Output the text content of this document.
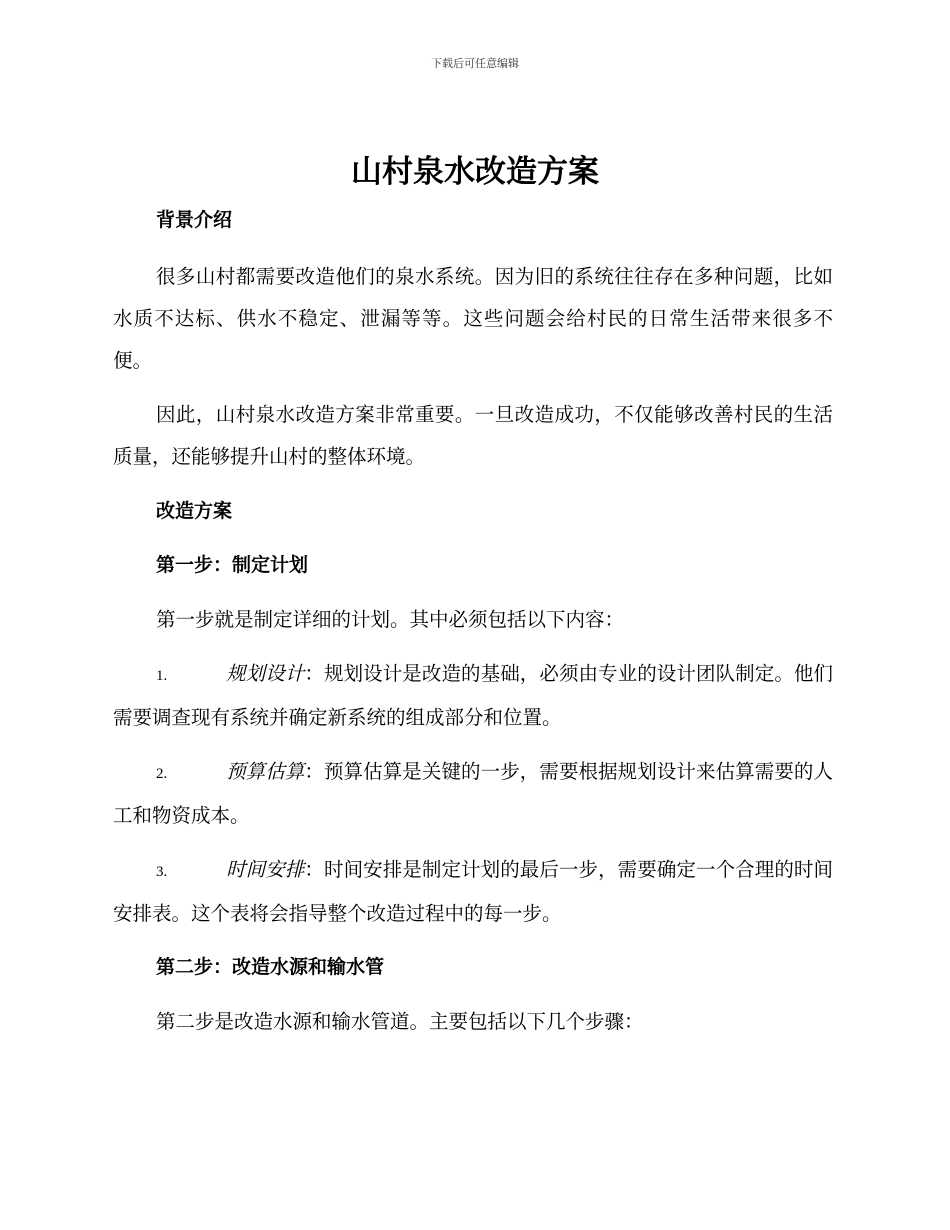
下载后可任意编辑
山村泉水改造方案

背景介绍

很多山村都需要改造他们的泉水系统。因为旧的系统往往存在多种问题，比如水质不达标、供水不稳定、泄漏等等。这些问题会给村民的日常生活带来很多不便。

因此，山村泉水改造方案非常重要。一旦改造成功，不仅能够改善村民的生活质量，还能够提升山村的整体环境。

改造方案

第一步：制定计划

第一步就是制定详细的计划。其中必须包括以下内容：

1.	规划设计：规划设计是改造的基础，必须由专业的设计团队制定。他们需要调查现有系统并确定新系统的组成部分和位置。

2.	预算估算：预算估算是关键的一步，需要根据规划设计来估算需要的人工和物资成本。

3.	时间安排：时间安排是制定计划的最后一步，需要确定一个合理的时间安排表。这个表将会指导整个改造过程中的每一步。

第二步：改造水源和输水管

第二步是改造水源和输水管道。主要包括以下几个步骤：
